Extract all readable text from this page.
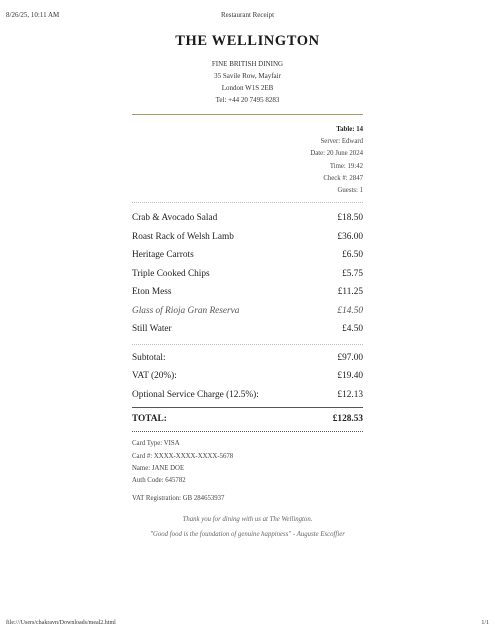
8/26/25, 10:11 AM	Restaurant Receipt
THE WELLINGTON
FINE BRITISH DINING
35 Savile Row, Mayfair
London W1S 2EB
Tel: +44 20 7495 8283
Table: 14
Server: Edward
Date: 20 June 2024
Time: 19:42
Check #: 2847
Guests: 1
Crab & Avocado Salad	£18.50
Roast Rack of Welsh Lamb	£36.00
Heritage Carrots	£6.50
Triple Cooked Chips	£5.75
Eton Mess	£11.25
Glass of Rioja Gran Reserva	£14.50
Still Water	£4.50
Subtotal:	£97.00
VAT (20%):	£19.40
Optional Service Charge (12.5%):	£12.13
TOTAL:	£128.53
Card Type: VISA
Card #: XXXX-XXXX-XXXX-5678
Name: JANE DOE
Auth Code: 645782
VAT Registration: GB 284653937
Thank you for dining with us at The Wellington.
"Good food is the foundation of genuine happiness" - Auguste Escoffier
file:///Users/chakravn/Downloads/meal2.html	1/1
